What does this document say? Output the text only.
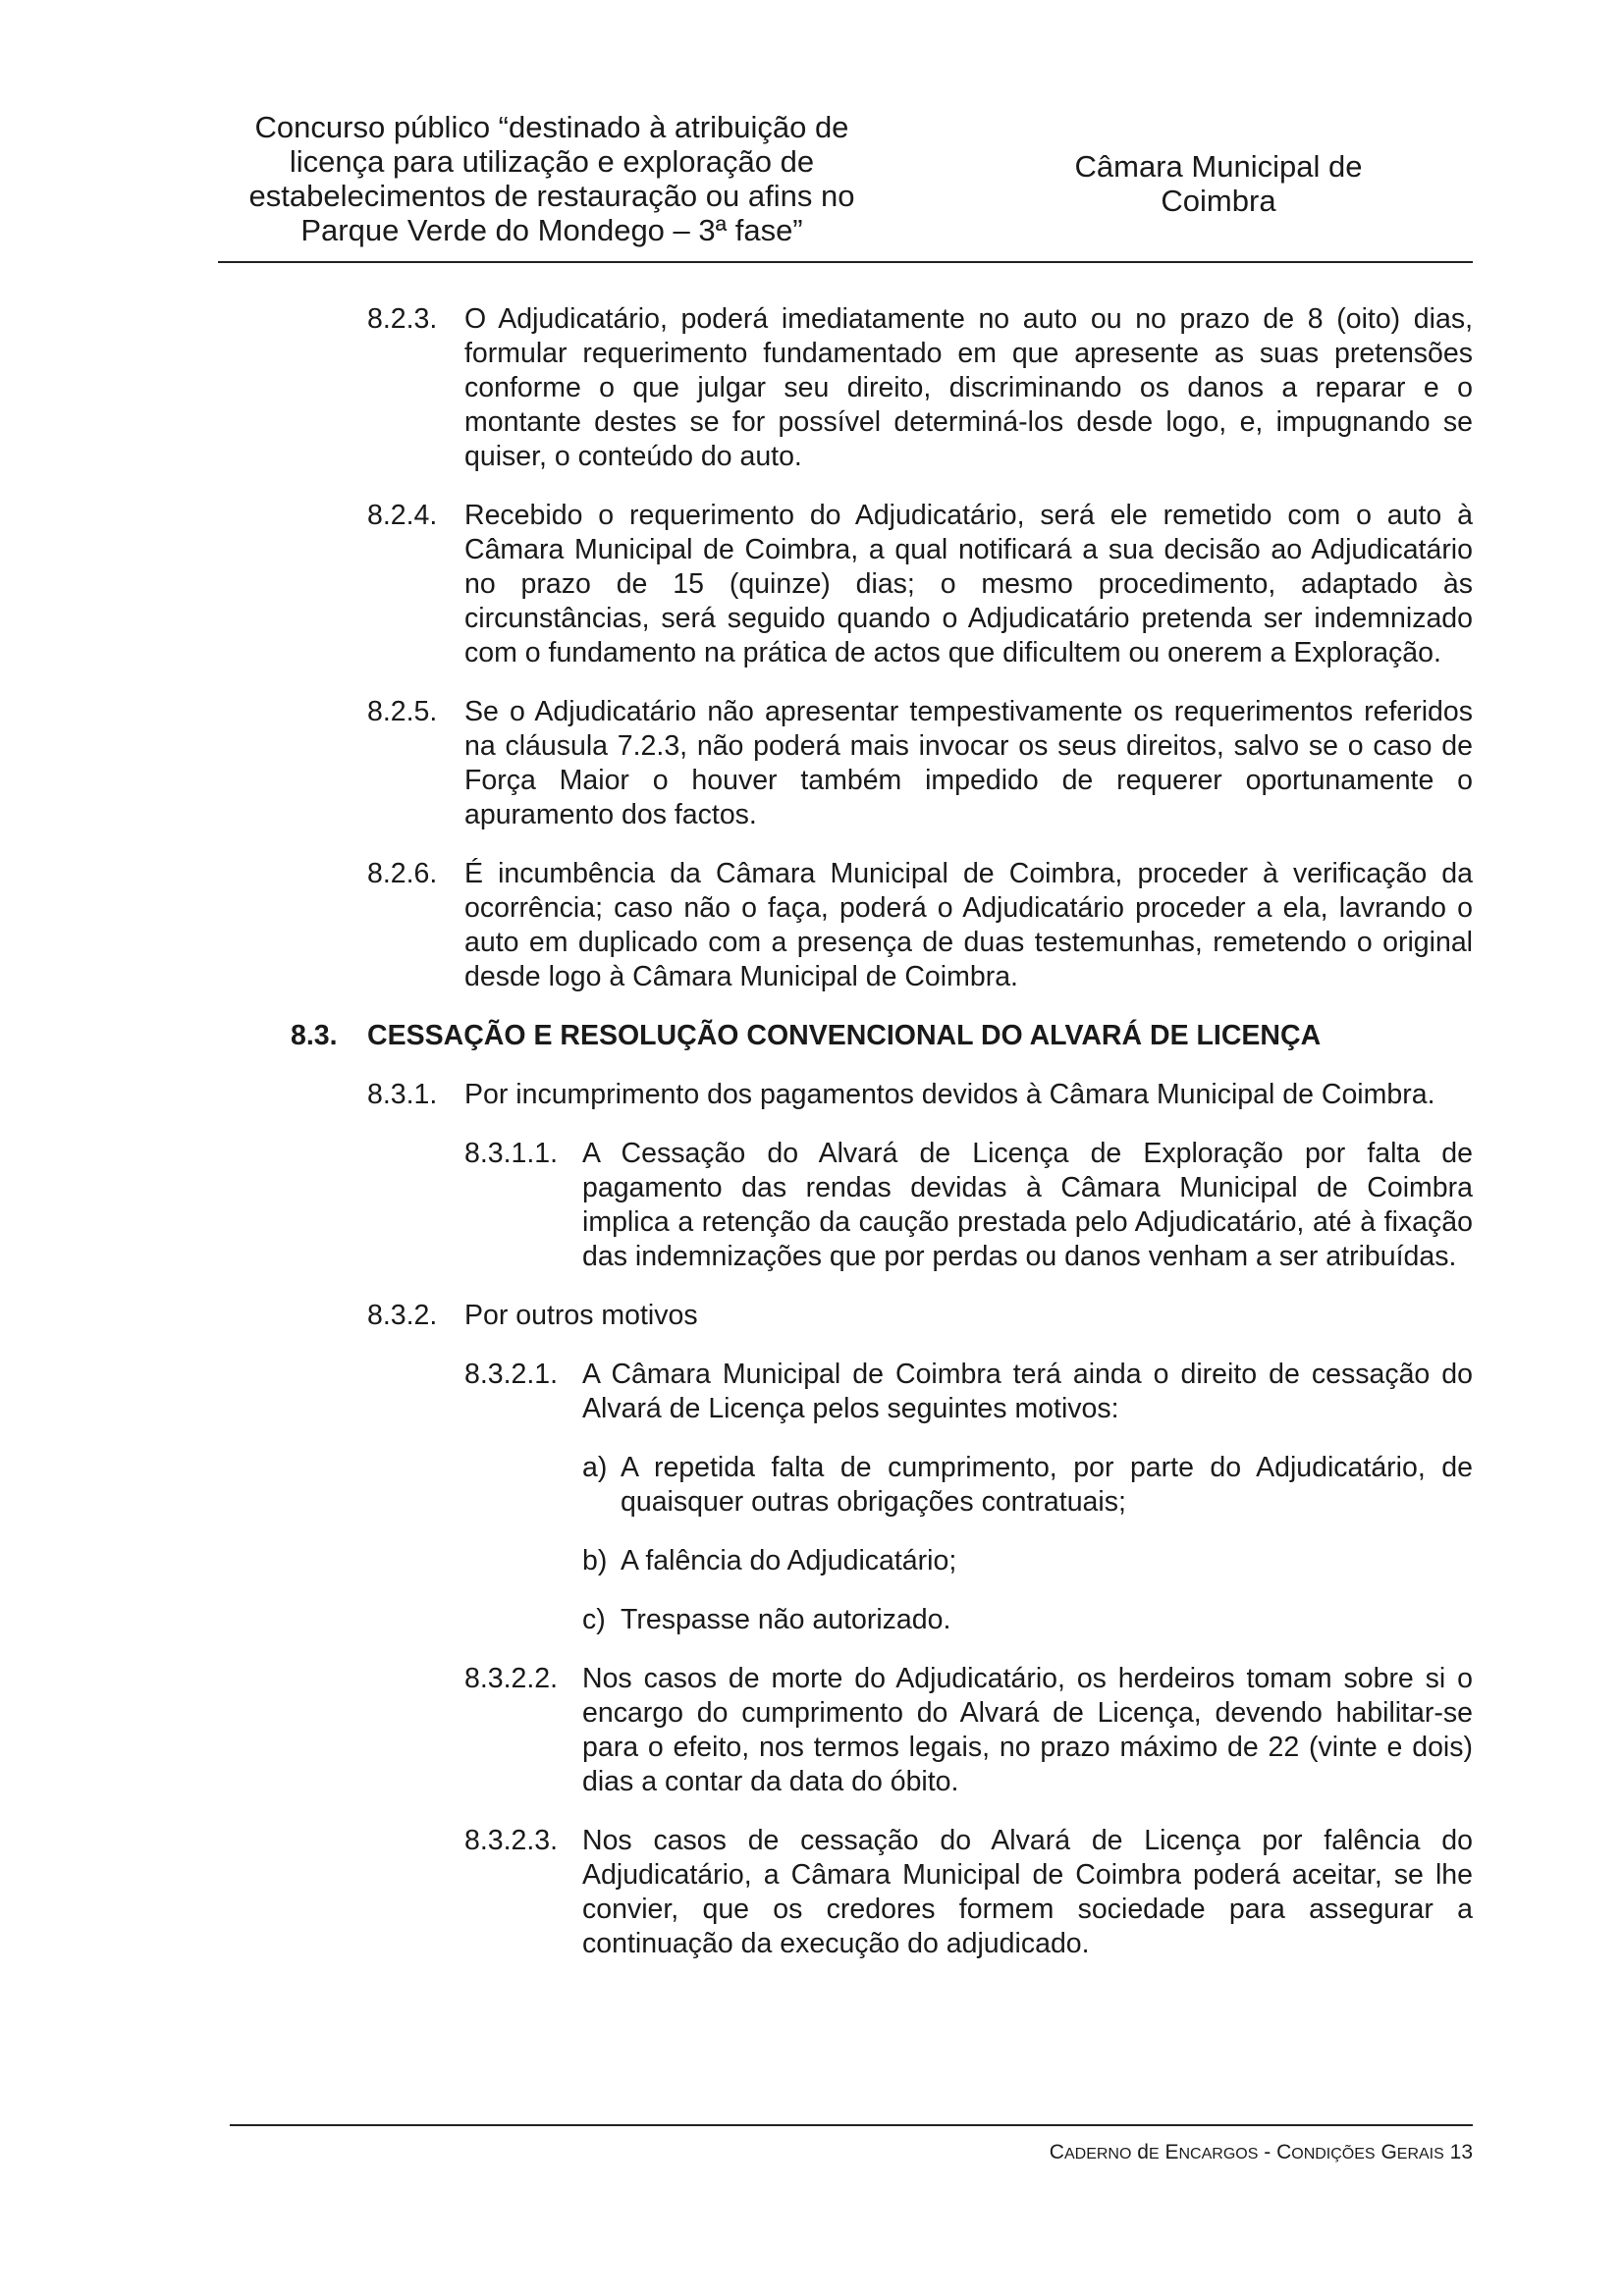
Concurso público “destinado à atribuição de
licença para utilização e exploração de
estabelecimentos de restauração ou afins no
Parque Verde do Mondego – 3ª fase”
Câmara Municipal de
Coimbra
8.2.3. O Adjudicatário, poderá imediatamente no auto ou no prazo de 8 (oito) dias, formular requerimento fundamentado em que apresente as suas pretensões conforme o que julgar seu direito, discriminando os danos a reparar e o montante destes se for possível determiná-los desde logo, e, impugnando se quiser, o conteúdo do auto.
8.2.4. Recebido o requerimento do Adjudicatário, será ele remetido com o auto à Câmara Municipal de Coimbra, a qual notificará a sua decisão ao Adjudicatário no prazo de 15 (quinze) dias; o mesmo procedimento, adaptado às circunstâncias, será seguido quando o Adjudicatário pretenda ser indemnizado com o fundamento na prática de actos que dificultem ou onerem a Exploração.
8.2.5. Se o Adjudicatário não apresentar tempestivamente os requerimentos referidos na cláusula 7.2.3, não poderá mais invocar os seus direitos, salvo se o caso de Força Maior o houver também impedido de requerer oportunamente o apuramento dos factos.
8.2.6. É incumbência da Câmara Municipal de Coimbra, proceder à verificação da ocorrência; caso não o faça, poderá o Adjudicatário proceder a ela, lavrando o auto em duplicado com a presença de duas testemunhas, remetendo o original desde logo à Câmara Municipal de Coimbra.
8.3. CESSAÇÃO E RESOLUÇÃO CONVENCIONAL DO ALVARÁ DE LICENÇA
8.3.1. Por incumprimento dos pagamentos devidos à Câmara Municipal de Coimbra.
8.3.1.1. A Cessação do Alvará de Licença de Exploração por falta de pagamento das rendas devidas à Câmara Municipal de Coimbra implica a retenção da caução prestada pelo Adjudicatário, até à fixação das indemnizações que por perdas ou danos venham a ser atribuídas.
8.3.2. Por outros motivos
8.3.2.1. A Câmara Municipal de Coimbra terá ainda o direito de cessação do Alvará de Licença pelos seguintes motivos:
a) A repetida falta de cumprimento, por parte do Adjudicatário, de quaisquer outras obrigações contratuais;
b) A falência do Adjudicatário;
c) Trespasse não autorizado.
8.3.2.2. Nos casos de morte do Adjudicatário, os herdeiros tomam sobre si o encargo do cumprimento do Alvará de Licença, devendo habilitar-se para o efeito, nos termos legais, no prazo máximo de 22 (vinte e dois) dias a contar da data do óbito.
8.3.2.3. Nos casos de cessação do Alvará de Licença por falência do Adjudicatário, a Câmara Municipal de Coimbra poderá aceitar, se lhe convier, que os credores formem sociedade para assegurar a continuação da execução do adjudicado.
CADERNO dE ENCARGOS - CONDIÇÕES GERAIS 13
